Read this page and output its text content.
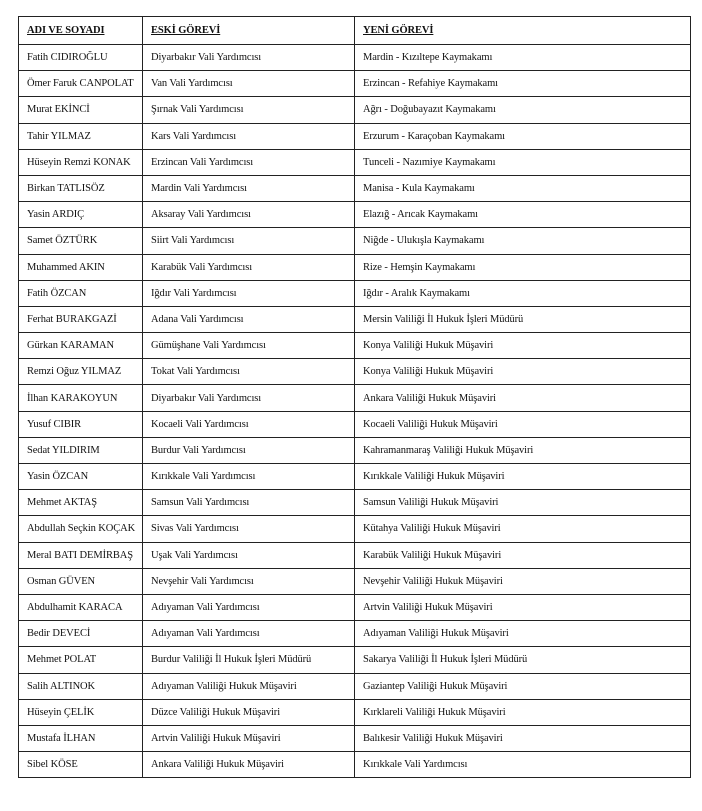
ADI VE SOYADI	ESKİ GÖREVİ	YENİ GÖREVİ
Fatih CIDIROĞLU	Diyarbakır Vali Yardımcısı	Mardin - Kızıltepe Kaymakamı
Ömer Faruk CANPOLAT	Van Vali Yardımcısı	Erzincan - Refahiye Kaymakamı
Murat EKİNCİ	Şırnak Vali Yardımcısı	Ağrı - Doğubayazıt Kaymakamı
Tahir YILMAZ	Kars Vali Yardımcısı	Erzurum - Karaçoban Kaymakamı
Hüseyin Remzi KONAK	Erzincan Vali Yardımcısı	Tunceli - Nazımiye Kaymakamı
Birkan TATLISÖZ	Mardin Vali Yardımcısı	Manisa - Kula Kaymakamı
Yasin ARDIÇ	Aksaray Vali Yardımcısı	Elazığ - Arıcak Kaymakamı
Samet ÖZTÜRK	Siirt Vali Yardımcısı	Niğde - Ulukışla Kaymakamı
Muhammed AKIN	Karabük Vali Yardımcısı	Rize - Hemşin Kaymakamı
Fatih ÖZCAN	Iğdır Vali Yardımcısı	Iğdır - Aralık Kaymakamı
Ferhat BURAKGAZİ	Adana Vali Yardımcısı	Mersin Valiliği İl Hukuk İşleri Müdürü
Gürkan KARAMAN	Gümüşhane Vali Yardımcısı	Konya Valiliği Hukuk Müşaviri
Remzi Oğuz YILMAZ	Tokat Vali Yardımcısı	Konya Valiliği Hukuk Müşaviri
İlhan KARAKOYUN	Diyarbakır Vali Yardımcısı	Ankara Valiliği Hukuk Müşaviri
Yusuf CIBIR	Kocaeli Vali Yardımcısı	Kocaeli Valiliği Hukuk Müşaviri
Sedat YILDIRIM	Burdur Vali Yardımcısı	Kahramanmaraş Valiliği Hukuk Müşaviri
Yasin ÖZCAN	Kırıkkale Vali Yardımcısı	Kırıkkale Valiliği Hukuk Müşaviri
Mehmet AKTAŞ	Samsun Vali Yardımcısı	Samsun Valiliği Hukuk Müşaviri
Abdullah Seçkin KOÇAK	Sivas Vali Yardımcısı	Kütahya Valiliği Hukuk Müşaviri
Meral BATI DEMİRBAŞ	Uşak Vali Yardımcısı	Karabük Valiliği Hukuk Müşaviri
Osman GÜVEN	Nevşehir Vali Yardımcısı	Nevşehir Valiliği Hukuk Müşaviri
Abdulhamit KARACA	Adıyaman Vali Yardımcısı	Artvin Valiliği Hukuk Müşaviri
Bedir DEVECİ	Adıyaman Vali Yardımcısı	Adıyaman Valiliği Hukuk Müşaviri
Mehmet POLAT	Burdur Valiliği İl Hukuk İşleri Müdürü	Sakarya Valiliği İl Hukuk İşleri Müdürü
Salih ALTINOK	Adıyaman Valiliği Hukuk Müşaviri	Gaziantep Valiliği Hukuk Müşaviri
Hüseyin ÇELİK	Düzce Valiliği Hukuk Müşaviri	Kırklareli Valiliği Hukuk Müşaviri
Mustafa İLHAN	Artvin Valiliği Hukuk Müşaviri	Balıkesir Valiliği Hukuk Müşaviri
Sibel KÖSE	Ankara Valiliği Hukuk Müşaviri	Kırıkkale Vali Yardımcısı
